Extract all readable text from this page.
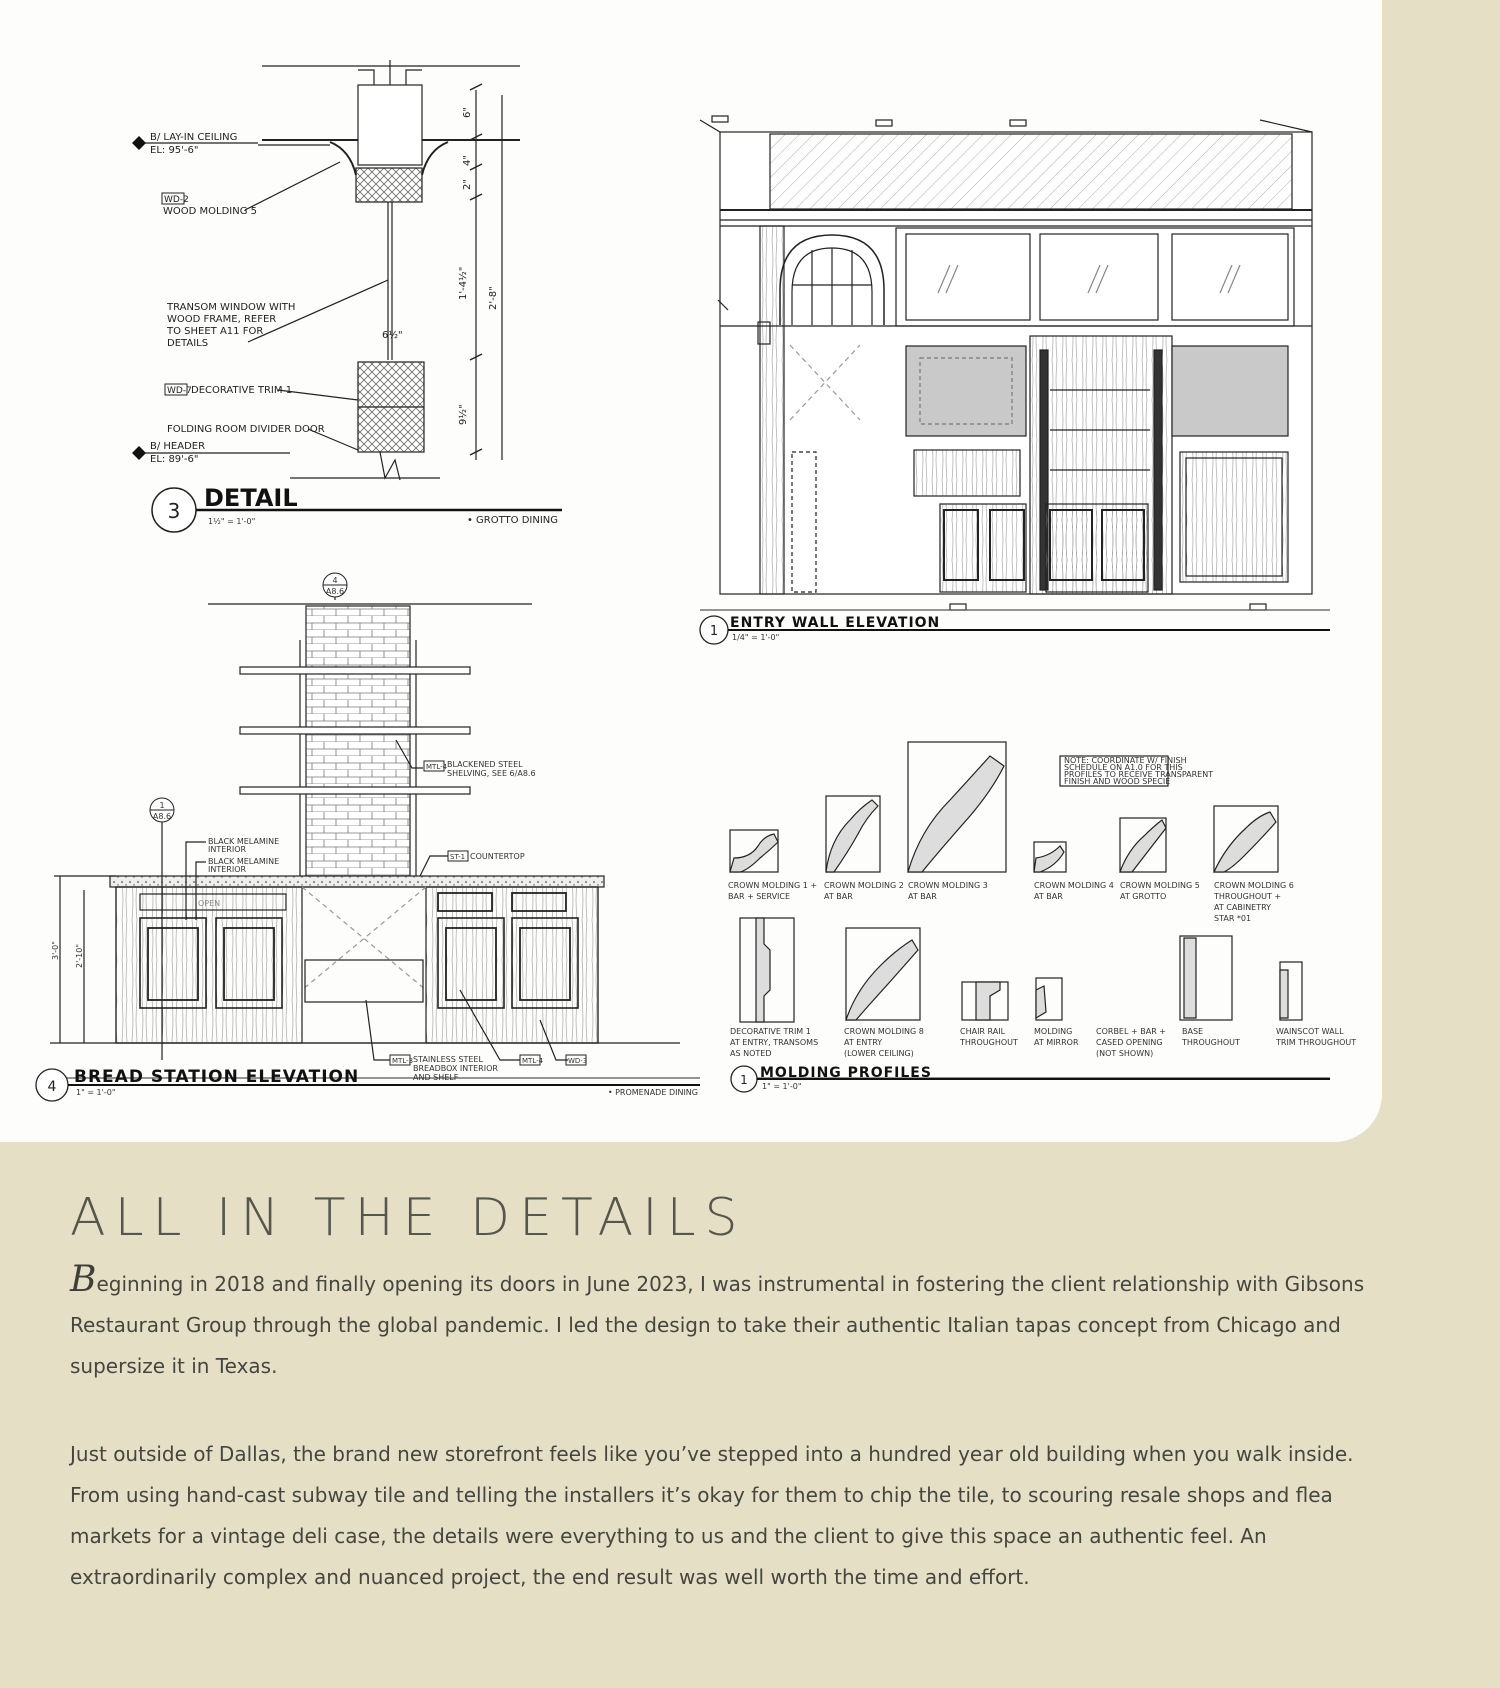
B/ LAY-IN CEILING
EL: 95'-6"
WD-2
WOOD MOLDING 5
TRANSOM WINDOW WITH
WOOD FRAME, REFER
TO SHEET A11 FOR
DETAILS
WD-7 DECORATIVE TRIM 1
FOLDING ROOM DIVIDER DOOR
B/ HEADER
EL: 89'-6"
6"
4"
2"
1'-4½" 2'-8"
9½"
6½"
3 DETAIL
1½" = 1'-0"	• GROTTO DINING
1
ENTRY WALL ELEVATION
1/4" = 1'-0"
4
A8.6
1
A8.6
BLACK MELAMINE
INTERIOR
BLACK MELAMINE
INTERIOR
ST-1 COUNTERTOP
MTL-4 BLACKENED STEEL
SHELVING, SEE 6/A8.6
MTL-3 STAINLESS STEEL
BREADBOX INTERIOR
AND SHELF
MTL-4	WD-3
OPEN
3'-0" 2'-10"
4 BREAD STATION ELEVATION
1" = 1'-0"	• PROMENADE DINING
NOTE: COORDINATE W/ FINISH
SCHEDULE ON A1.0 FOR THIS
PROFILES TO RECEIVE TRANSPARENT
FINISH AND WOOD SPECIE
CROWN MOLDING 1 +
BAR + SERVICE
CROWN MOLDING 2
AT BAR
CROWN MOLDING 3
AT BAR
CROWN MOLDING 4
AT BAR
CROWN MOLDING 5
AT GROTTO
CROWN MOLDING 6
THROUGHOUT +
AT CABINETRY
STAR *01
DECORATIVE TRIM 1
AT ENTRY, TRANSOMS
AS NOTED
CROWN MOLDING 8
AT ENTRY
(LOWER CEILING)
CHAIR RAIL
THROUGHOUT
MOLDING
AT MIRROR
CORBEL + BAR +
CASED OPENING
(NOT SHOWN)
BASE
THROUGHOUT
WAINSCOT WALL
TRIM THROUGHOUT
1 MOLDING PROFILES
1" = 1'-0"
ALL IN THE DETAILS

Beginning in 2018 and finally opening its doors in June 2023, I was instrumental in fostering the client relationship with Gibsons Restaurant Group through the global pandemic. I led the design to take their authentic Italian tapas concept from Chicago and supersize it in Texas.

Just outside of Dallas, the brand new storefront feels like you’ve stepped into a hundred year old building when you walk inside. From using hand-cast subway tile and telling the installers it’s okay for them to chip the tile, to scouring resale shops and flea markets for a vintage deli case, the details were everything to us and the client to give this space an authentic feel. An extraordinarily complex and nuanced project, the end result was well worth the time and effort.
